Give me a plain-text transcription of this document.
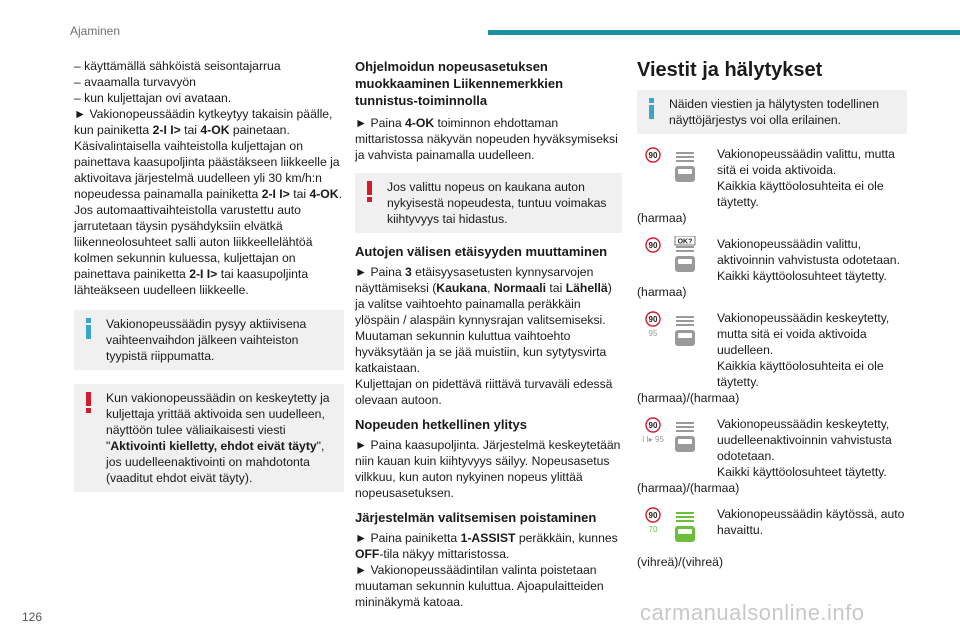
Ajaminen

– käyttämällä sähköistä seisontajarrua

– avaamalla turvavyön

– kun kuljettajan ovi avataan.

► Vakionopeussäädin kytkeytyy takaisin päälle, kun painiketta 2-I I> tai 4-OK painetaan.

Käsivalintaisella vaihteistolla kuljettajan on painettava kaasupoljinta päästäkseen liikkeelle ja aktivoitava järjestelmä uudelleen yli 30 km/h:n nopeudessa painamalla painiketta 2-I I> tai 4-OK.

Jos automaattivaihteistolla varustettu auto jarrutetaan täysin pysähdyksiin elvätkä liikenneolosuhteet salli auton liikkeellelähtöä kolmen sekunnin kuluessa, kuljettajan on painettava painiketta 2-I I> tai kaasupoljinta lähteäkseen uudelleen liikkeelle.

Vakionopeussäädin pysyy aktiivisena vaihteenvaihdon jälkeen vaihteiston tyypistä riippumatta.

Kun vakionopeussäädin on keskeytetty ja kuljettaja yrittää aktivoida sen uudelleen, näyttöön tulee väliaikaisesti viesti "Aktivointi kielletty, ehdot eivät täyty", jos uudelleenaktivointi on mahdotonta (vaaditut ehdot eivät täyty).

Ohjelmoidun nopeusasetuksen muokkaaminen Liikennemerkkien tunnistus-toiminnolla

► Paina 4-OK toiminnon ehdottaman mittaristossa näkyvän nopeuden hyväksymiseksi ja vahvista painamalla uudelleen.

Jos valittu nopeus on kaukana auton nykyisestä nopeudesta, tuntuu voimakas kiihtyvyys tai hidastus.

Autojen välisen etäisyyden muuttaminen

► Paina 3 etäisyysasetusten kynnysarvojen näyttämiseksi (Kaukana, Normaali tai Lähellä) ja valitse vaihtoehto painamalla peräkkäin ylöspäin / alaspäin kynnysrajan valitsemiseksi.

Muutaman sekunnin kuluttua vaihtoehto hyväksytään ja se jää muistiin, kun sytytysvirta katkaistaan.

Kuljettajan on pidettävä riittävä turvaväli edessä olevaan autoon.

Nopeuden hetkellinen ylitys

► Paina kaasupoljinta. Järjestelmä keskeytetään niin kauan kuin kiihtyvyys säilyy. Nopeusasetus vilkkuu, kun auton nykyinen nopeus ylittää nopeusasetuksen.

Järjestelmän valitsemisen poistaminen

► Paina painiketta 1-ASSIST peräkkäin, kunnes OFF-tila näkyy mittaristossa.

► Vakionopeussäädintilan valinta poistetaan muutaman sekunnin kuluttua. Ajoapulaitteiden mininäkymä katoaa.

Viestit ja hälytykset

Näiden viestien ja hälytysten todellinen näyttöjärjestys voi olla erilainen.

90	Vakionopeussäädin valittu, mutta sitä ei voida aktivoida.

Kaikkia käyttöolosuhteita ei ole täytetty.

(harmaa)

90	OK? Vakionopeussäädin valittu, aktivoinnin vahvistusta odotetaan.

Kaikki käyttöolosuhteet täytetty.

(harmaa)

90
95

Vakionopeussäädin keskeytetty, mutta sitä ei voida aktivoida uudelleen.

Kaikkia käyttöolosuhteita ei ole täytetty.

(harmaa)/(harmaa)

90
I I▸ 95

Vakionopeussäädin keskeytetty, uudelleenaktivoinnin vahvistusta odotetaan.

Kaikki käyttöolosuhteet täytetty.

(harmaa)/(harmaa)

90
70

Vakionopeussäädin käytössä, auto havaittu.

(vihreä)/(vihreä)

126	carmanualsonline.info
